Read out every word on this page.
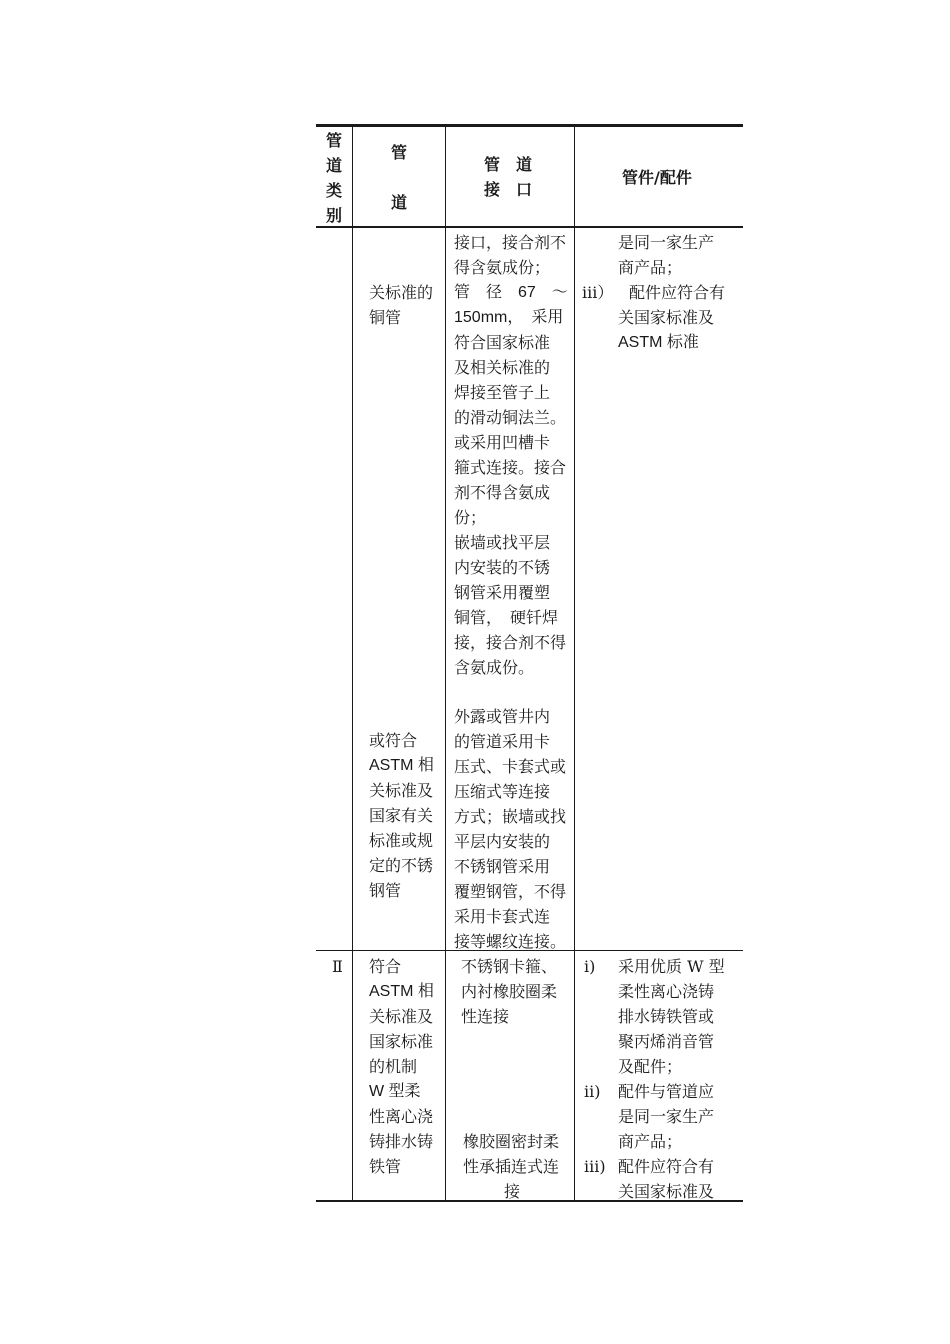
管
道
类
别
管
道
管　道
接　口
管件/配件
关标准的
铜管
或符合
ASTM 相
关标准及
国家有关
标准或规
定的不锈
钢管
接口，接合剂不
得含氨成份；
管　径　67　～
150mm，　采用
符合国家标准
及相关标准的
焊接至管子上
的滑动铜法兰。
或采用凹槽卡
箍式连接。接合
剂不得含氨成
份；
嵌墙或找平层
内安装的不锈
钢管采用覆塑
铜管，　硬钎焊
接，接合剂不得
含氨成份。
外露或管井内
的管道采用卡
压式、卡套式或
压缩式等连接
方式；嵌墙或找
平层内安装的
不锈钢管采用
覆塑钢管，不得
采用卡套式连
接等螺纹连接。
是同一家生产
商产品；
iii） 配件应符合有
关国家标准及
ASTM 标准
Ⅱ 符合
ASTM 相
关标准及
国家标准
的机制
W 型柔
性离心浇
铸排水铸
铁管
不锈钢卡箍、
内衬橡胶圈柔
性连接
橡胶圈密封柔
性承插连式连
接
i) 采用优质 W 型
柔性离心浇铸
排水铸铁管或
聚丙烯消音管
及配件；
ii) 配件与管道应
是同一家生产
商产品；
iii) 配件应符合有
关国家标准及
